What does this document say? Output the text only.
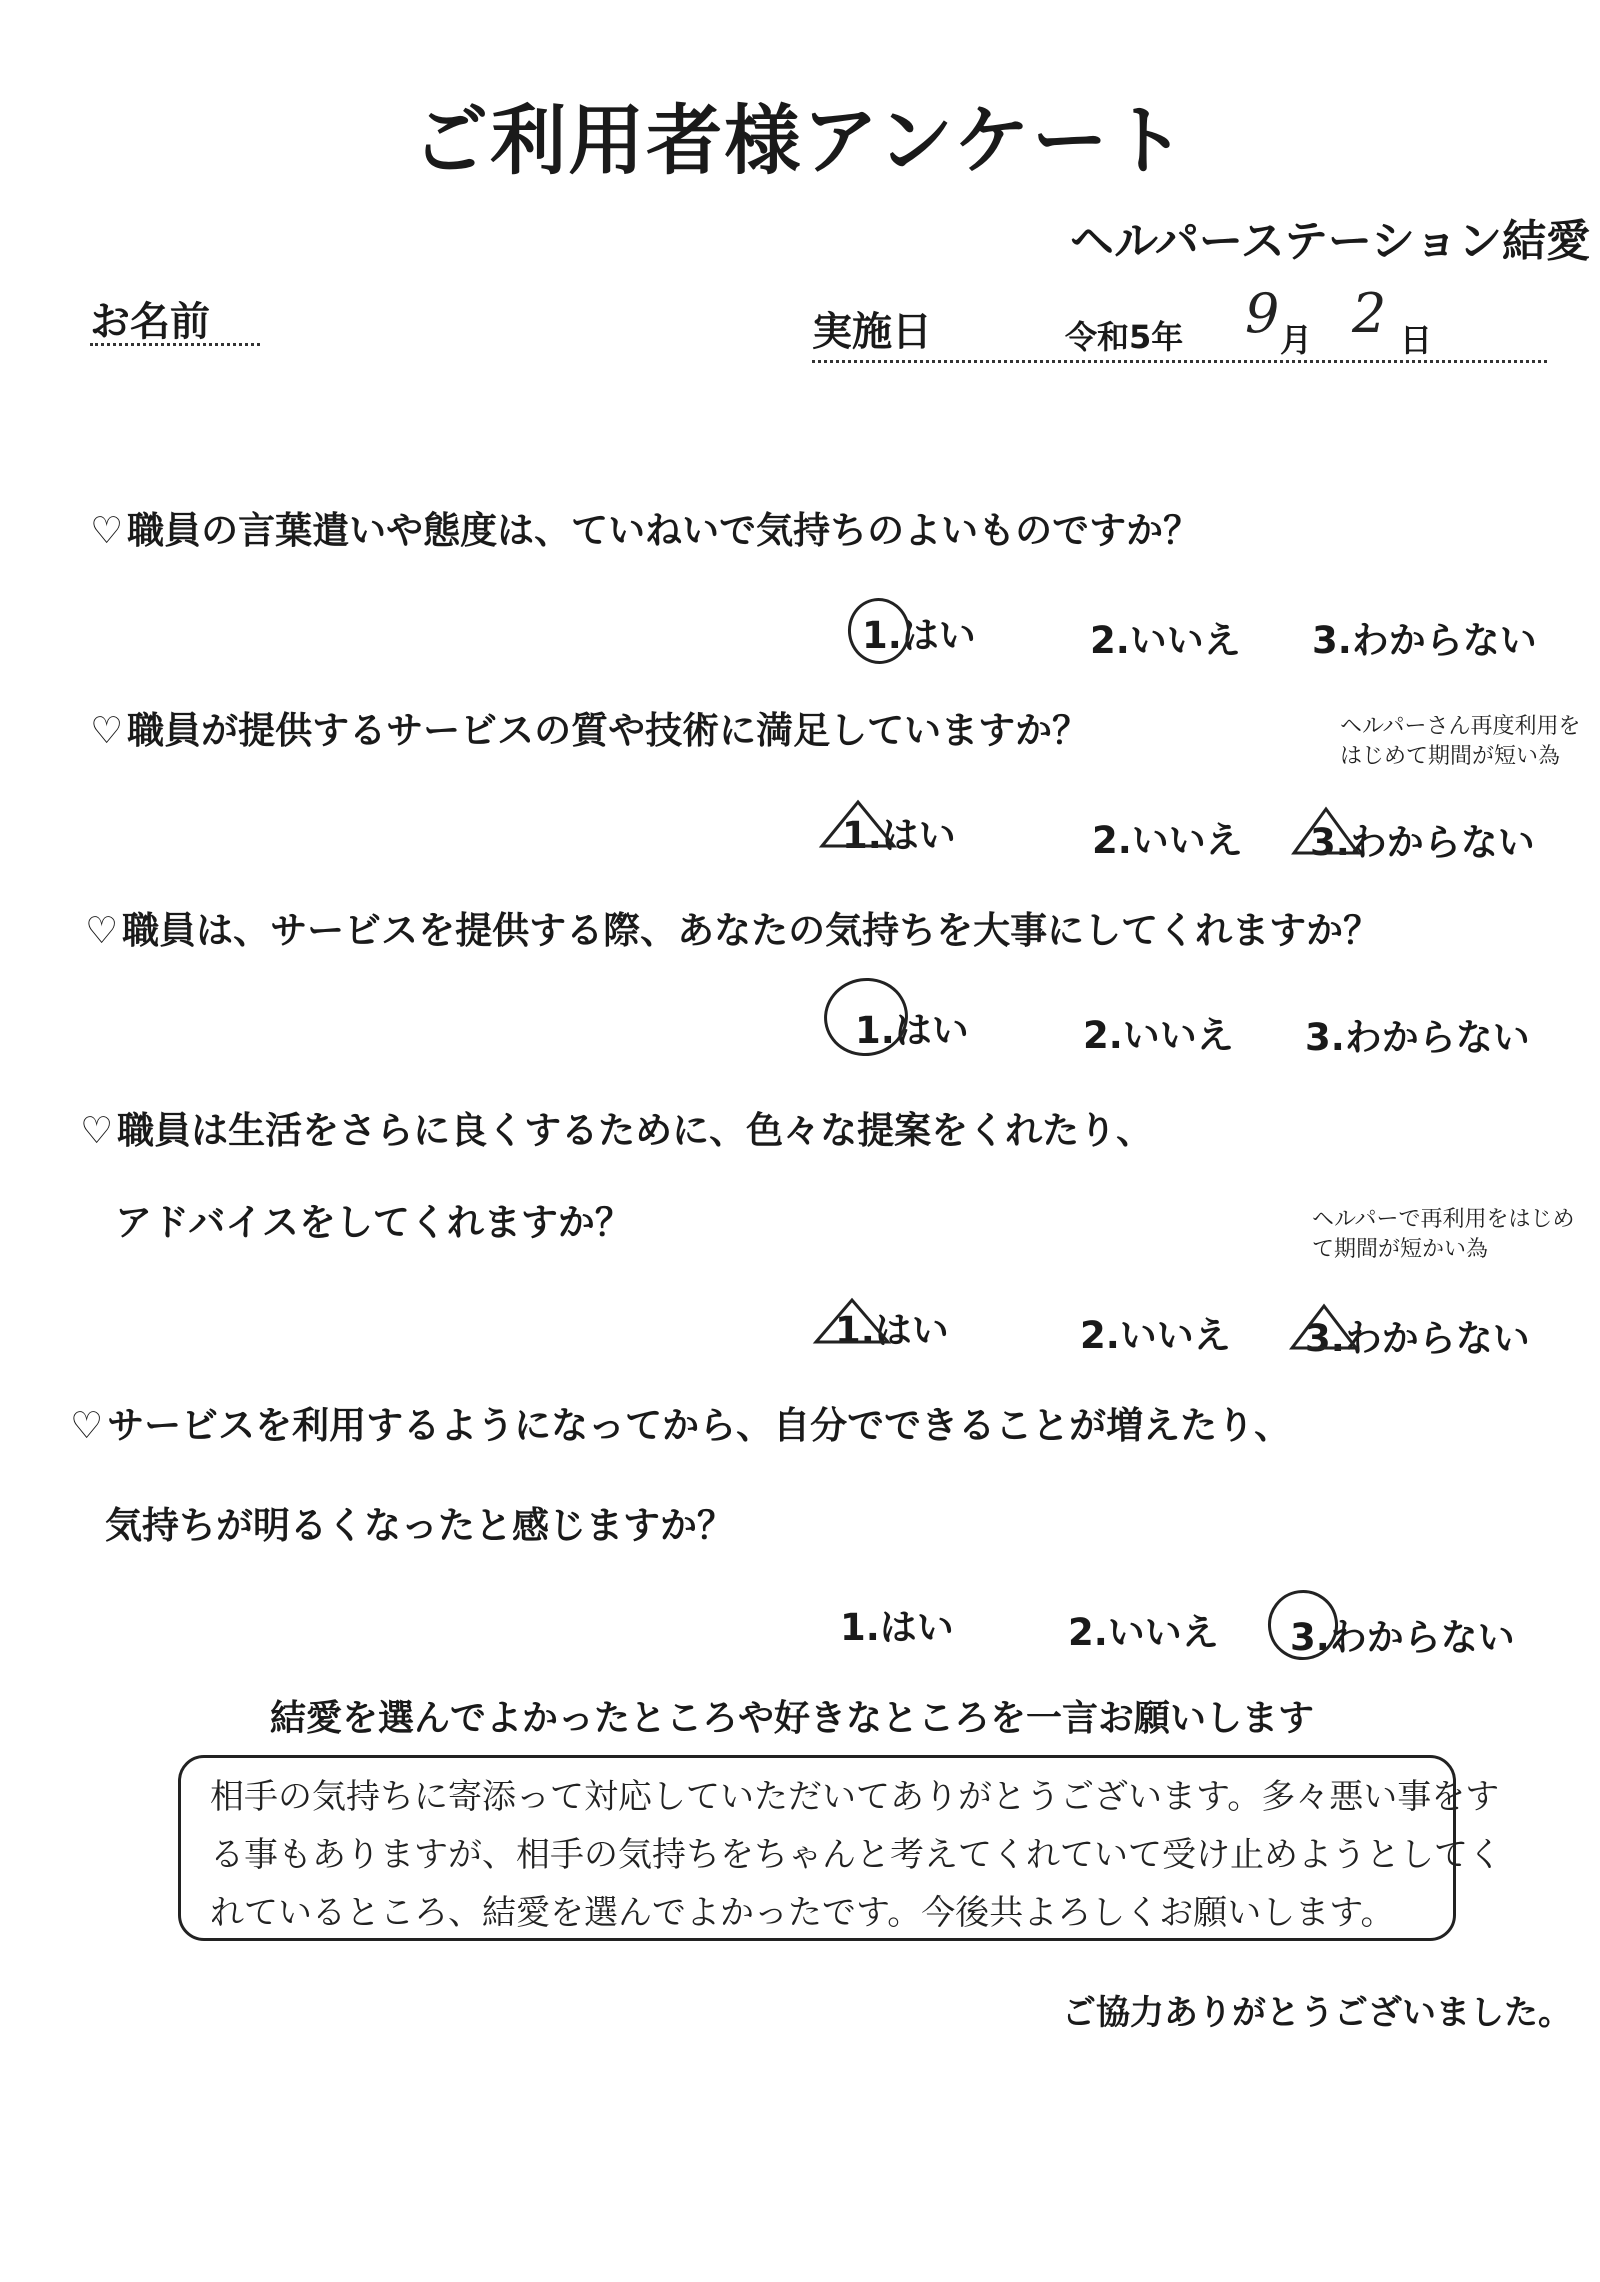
ご利用者様アンケート
ヘルパーステーション結愛
お名前	実施日	令和5年 9 月 2 日
♡ 職員の言葉遣いや態度は、ていねいで気持ちのよいものですか？
1.はい	2.いいえ 3.わからない
♡ 職員が提供するサービスの質や技術に満足していますか？	ヘルパーさん再度利用をはじめて期間が短い為
1.はい	2.いいえ 3.わからない
♡ 職員は、サービスを提供する際、あなたの気持ちを大事にしてくれますか？
1.はい	2.いいえ 3.わからない
♡ 職員は生活をさらに良くするために、色々な提案をくれたり、
アドバイスをしてくれますか？	ヘルパーで再利用をはじめて期間が短かい為
1.はい	2.いいえ 3.わからない
♡ サービスを利用するようになってから、自分でできることが増えたり、
気持ちが明るくなったと感じますか？
1.はい	2.いいえ 3.わからない
結愛を選んでよかったところや好きなところを一言お願いします
相手の気持ちに寄添って対応していただいてありがとうございます。多々悪い事をする事もありますが、相手の気持ちをちゃんと考えてくれていて受け止めようとしてくれているところ、結愛を選んでよかったです。今後共よろしくお願いします。
ご協力ありがとうございました。
